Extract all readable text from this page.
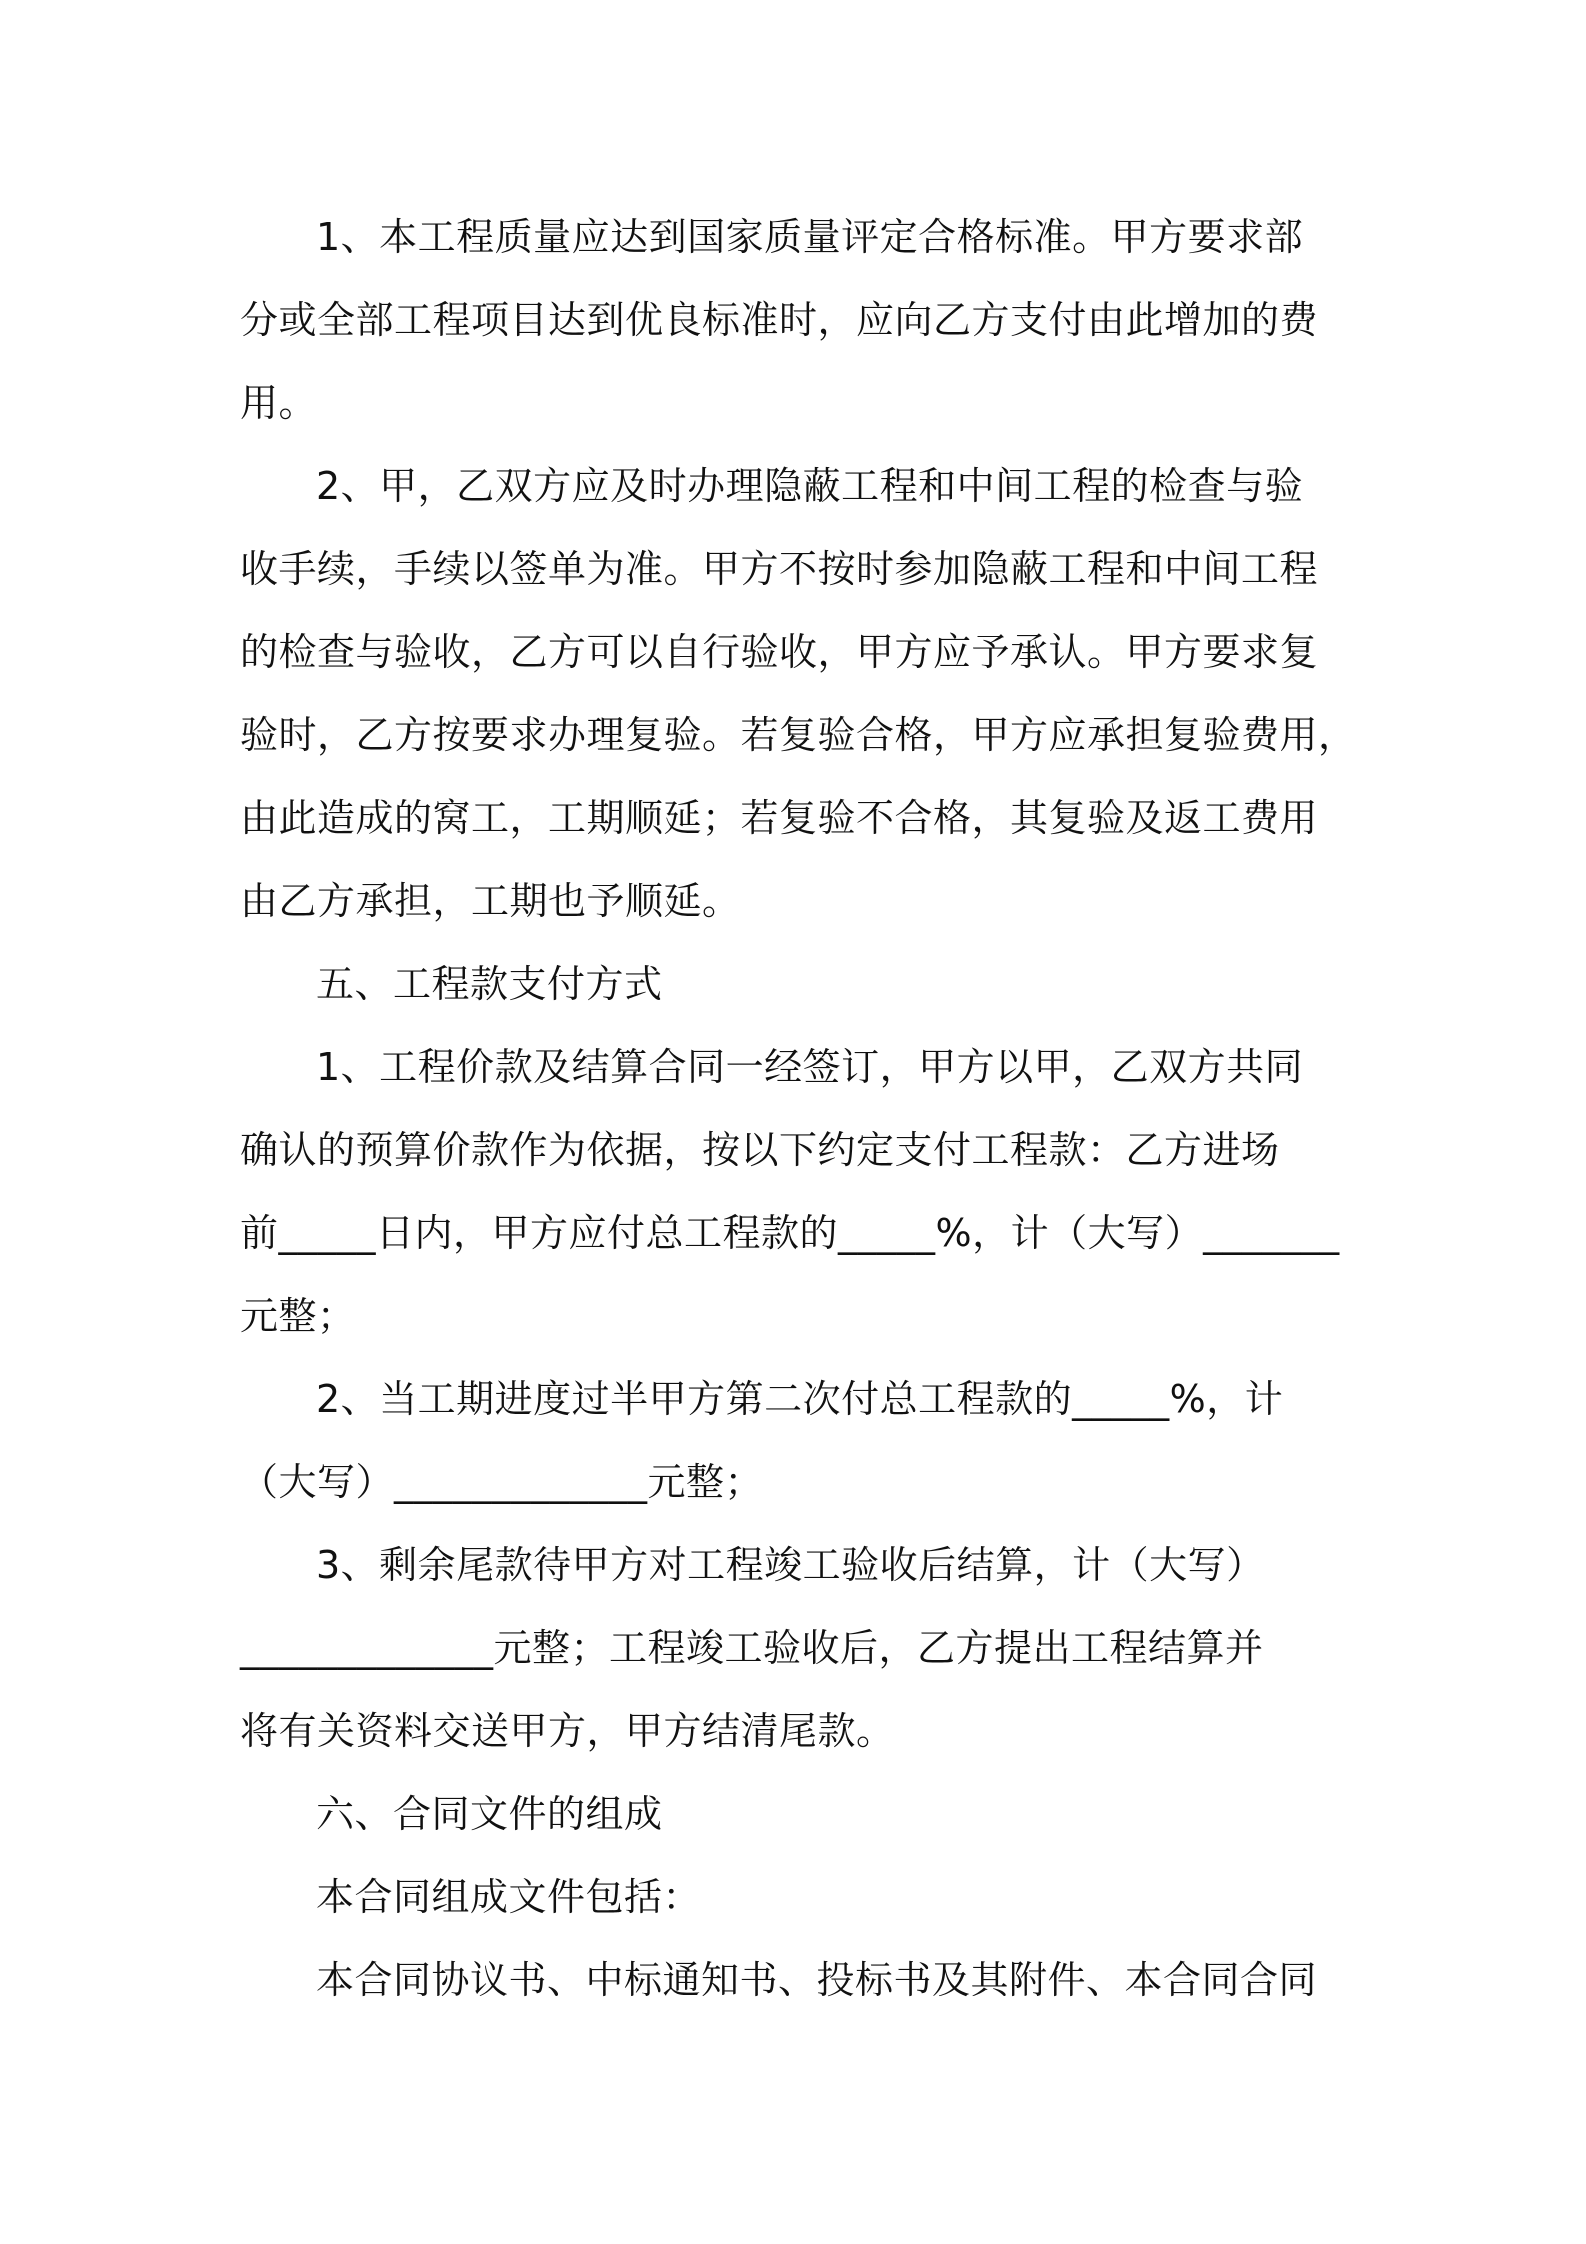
1、本工程质量应达到国家质量评定合格标准。甲方要求部
分或全部工程项目达到优良标准时，应向乙方支付由此增加的费
用。

2、甲，乙双方应及时办理隐蔽工程和中间工程的检查与验
收手续，手续以签单为准。甲方不按时参加隐蔽工程和中间工程
的检查与验收，乙方可以自行验收，甲方应予承认。甲方要求复
验时，乙方按要求办理复验。若复验合格，甲方应承担复验费用，
由此造成的窝工，工期顺延；若复验不合格，其复验及返工费用
由乙方承担，工期也予顺延。

五、工程款支付方式

1、工程价款及结算合同一经签订，甲方以甲，乙双方共同
确认的预算价款作为依据，按以下约定支付工程款：乙方进场
前_____日内，甲方应付总工程款的_____%，计（大写）_______
元整；

2、当工期进度过半甲方第二次付总工程款的_____%，计
（大写）_____________元整；

3、剩余尾款待甲方对工程竣工验收后结算，计（大写）
_____________元整；工程竣工验收后，乙方提出工程结算并
将有关资料交送甲方，甲方结清尾款。

六、合同文件的组成

本合同组成文件包括：

本合同协议书、中标通知书、投标书及其附件、本合同合同
